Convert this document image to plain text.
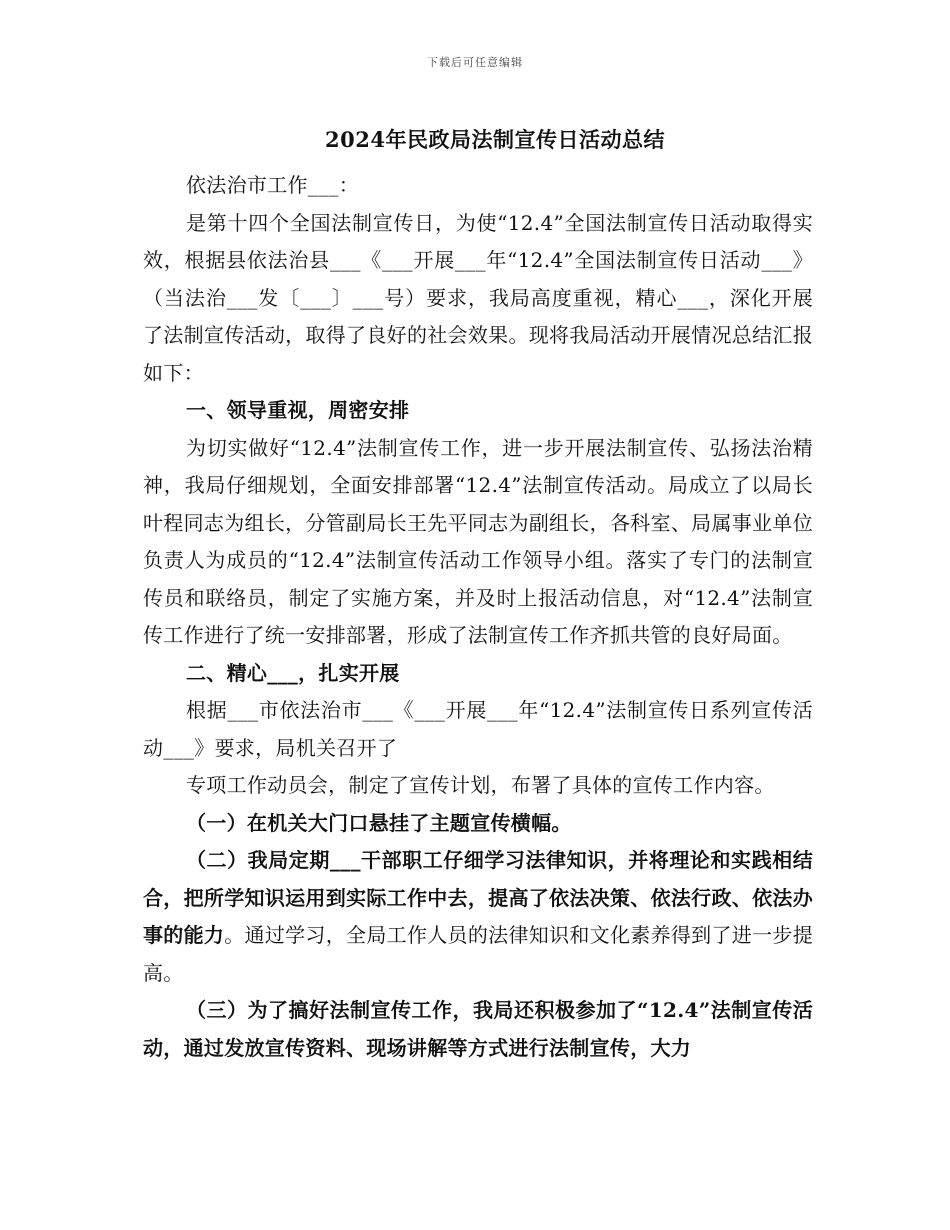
下载后可任意编辑
2024年民政局法制宣传日活动总结

依法治市工作___：

是第十四个全国法制宣传日，为使“12.4”全国法制宣传日活动取得实效，根据县依法治县___《___开展___年“12.4”全国法制宣传日活动___》（当法治___发〔___〕___号）要求，我局高度重视，精心___，深化开展了法制宣传活动，取得了良好的社会效果。现将我局活动开展情况总结汇报如下：

一、领导重视，周密安排

为切实做好“12.4”法制宣传工作，进一步开展法制宣传、弘扬法治精神，我局仔细规划，全面安排部署“12.4”法制宣传活动。局成立了以局长叶程同志为组长，分管副局长王先平同志为副组长，各科室、局属事业单位负责人为成员的“12.4”法制宣传活动工作领导小组。落实了专门的法制宣传员和联络员，制定了实施方案，并及时上报活动信息，对“12.4”法制宣传工作进行了统一安排部署，形成了法制宣传工作齐抓共管的良好局面。

二、精心___，扎实开展

根据___市依法治市___《___开展___年“12.4”法制宣传日系列宣传活动___》要求，局机关召开了

专项工作动员会，制定了宣传计划，布署了具体的宣传工作内容。

（一）在机关大门口悬挂了主题宣传横幅。

（二）我局定期___干部职工仔细学习法律知识，并将理论和实践相结合，把所学知识运用到实际工作中去，提高了依法决策、依法行政、依法办事的能力。通过学习，全局工作人员的法律知识和文化素养得到了进一步提高。

（三）为了搞好法制宣传工作，我局还积极参加了“12.4”法制宣传活动，通过发放宣传资料、现场讲解等方式进行法制宣传，大力
